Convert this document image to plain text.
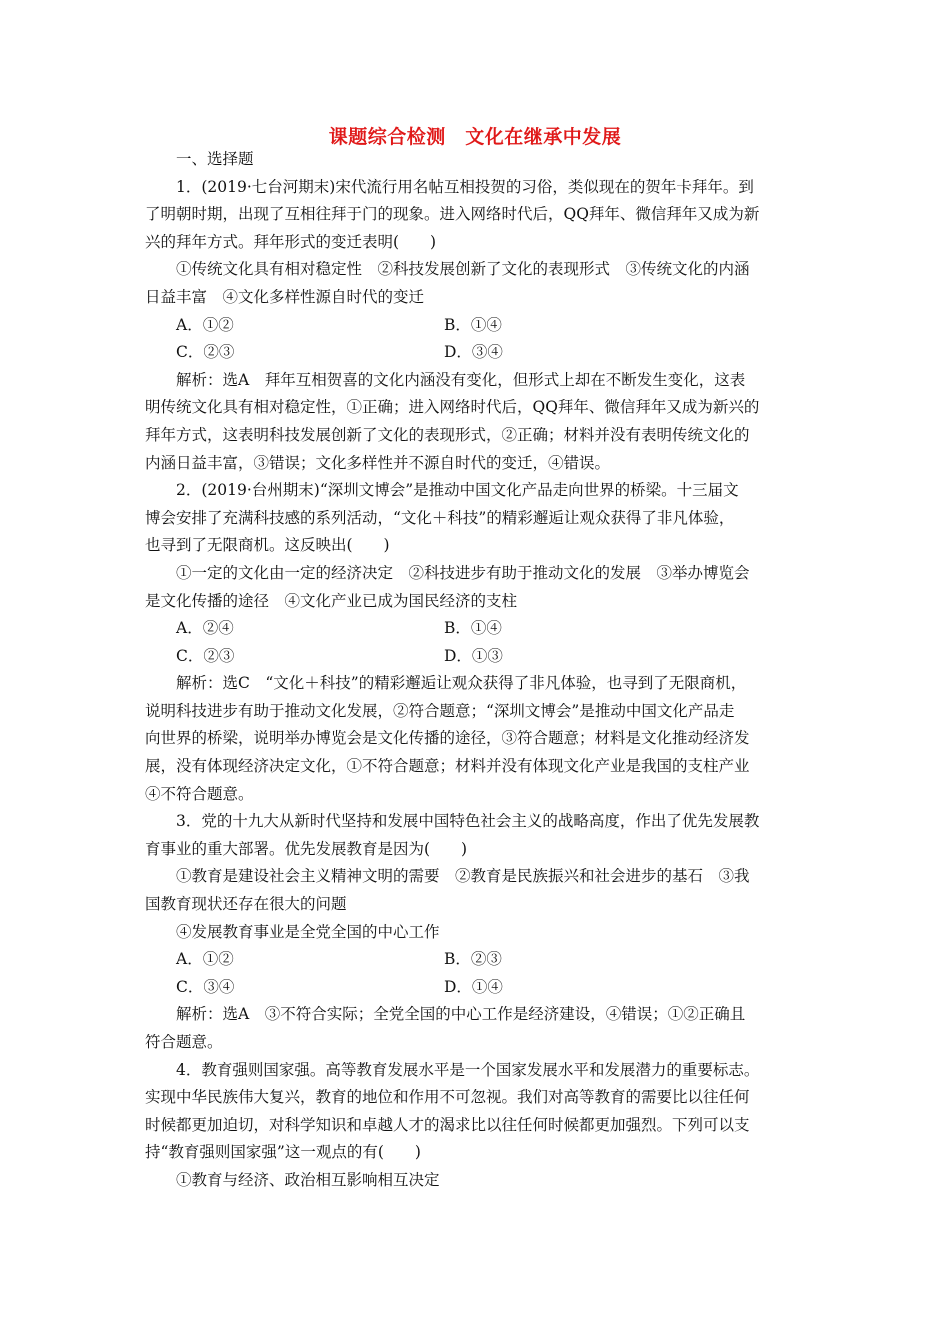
课题综合检测　文化在继承中发展
一、选择题
1．(2019·七台河期末)宋代流行用名帖互相投贺的习俗，类似现在的贺年卡拜年。到
了明朝时期，出现了互相往拜于门的现象。进入网络时代后，QQ拜年、微信拜年又成为新
兴的拜年方式。拜年形式的变迁表明(　　)
①传统文化具有相对稳定性　②科技发展创新了文化的表现形式　③传统文化的内涵
日益丰富　④文化多样性源自时代的变迁
A．①②	B．①④
C．②③	D．③④
解析：选A　拜年互相贺喜的文化内涵没有变化，但形式上却在不断发生变化，这表
明传统文化具有相对稳定性，①正确；进入网络时代后，QQ拜年、微信拜年又成为新兴的
拜年方式，这表明科技发展创新了文化的表现形式，②正确；材料并没有表明传统文化的
内涵日益丰富，③错误；文化多样性并不源自时代的变迁，④错误。
2．(2019·台州期末)“深圳文博会”是推动中国文化产品走向世界的桥梁。十三届文
博会安排了充满科技感的系列活动，“文化＋科技”的精彩邂逅让观众获得了非凡体验，
也寻到了无限商机。这反映出(　　)
①一定的文化由一定的经济决定　②科技进步有助于推动文化的发展　③举办博览会
是文化传播的途径　④文化产业已成为国民经济的支柱
A．②④	B．①④
C．②③	D．①③
解析：选C　“文化＋科技”的精彩邂逅让观众获得了非凡体验，也寻到了无限商机，
说明科技进步有助于推动文化发展，②符合题意；“深圳文博会”是推动中国文化产品走
向世界的桥梁，说明举办博览会是文化传播的途径，③符合题意；材料是文化推动经济发
展，没有体现经济决定文化，①不符合题意；材料并没有体现文化产业是我国的支柱产业
④不符合题意。
3．党的十九大从新时代坚持和发展中国特色社会主义的战略高度，作出了优先发展教
育事业的重大部署。优先发展教育是因为(　　)
①教育是建设社会主义精神文明的需要　②教育是民族振兴和社会进步的基石　③我
国教育现状还存在很大的问题
④发展教育事业是全党全国的中心工作
A．①②	B．②③
C．③④	D．①④
解析：选A　③不符合实际；全党全国的中心工作是经济建设，④错误；①②正确且
符合题意。
4．教育强则国家强。高等教育发展水平是一个国家发展水平和发展潜力的重要标志。
实现中华民族伟大复兴，教育的地位和作用不可忽视。我们对高等教育的需要比以往任何
时候都更加迫切，对科学知识和卓越人才的渴求比以往任何时候都更加强烈。下列可以支
持“教育强则国家强”这一观点的有(　　)
①教育与经济、政治相互影响相互决定
